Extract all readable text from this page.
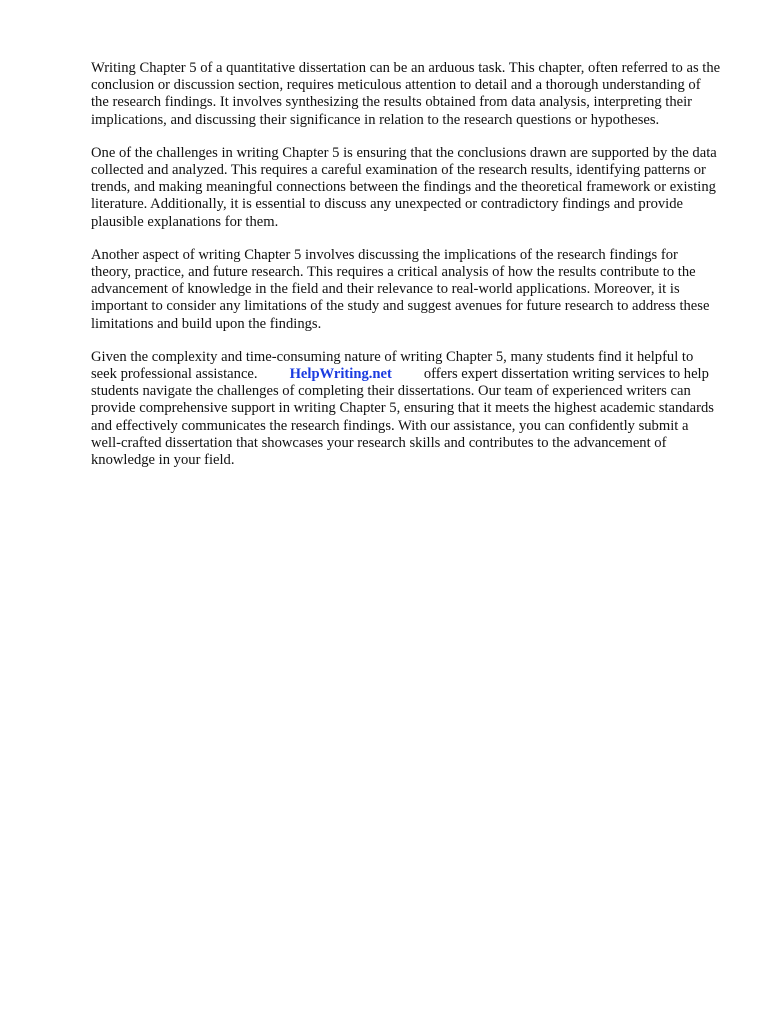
Writing Chapter 5 of a quantitative dissertation can be an arduous task. This chapter, often referred to as the conclusion or discussion section, requires meticulous attention to detail and a thorough understanding of the research findings. It involves synthesizing the results obtained from data analysis, interpreting their implications, and discussing their significance in relation to the research questions or hypotheses.

One of the challenges in writing Chapter 5 is ensuring that the conclusions drawn are supported by the data collected and analyzed. This requires a careful examination of the research results, identifying patterns or trends, and making meaningful connections between the findings and the theoretical framework or existing literature. Additionally, it is essential to discuss any unexpected or contradictory findings and provide plausible explanations for them.

Another aspect of writing Chapter 5 involves discussing the implications of the research findings for theory, practice, and future research. This requires a critical analysis of how the results contribute to the advancement of knowledge in the field and their relevance to real-world applications. Moreover, it is important to consider any limitations of the study and suggest avenues for future research to address these limitations and build upon the findings.

Given the complexity and time-consuming nature of writing Chapter 5, many students find it helpful to seek professional assistance. HelpWriting.net offers expert dissertation writing services to help students navigate the challenges of completing their dissertations. Our team of experienced writers can provide comprehensive support in writing Chapter 5, ensuring that it meets the highest academic standards and effectively communicates the research findings. With our assistance, you can confidently submit a well-crafted dissertation that showcases your research skills and contributes to the advancement of knowledge in your field.
